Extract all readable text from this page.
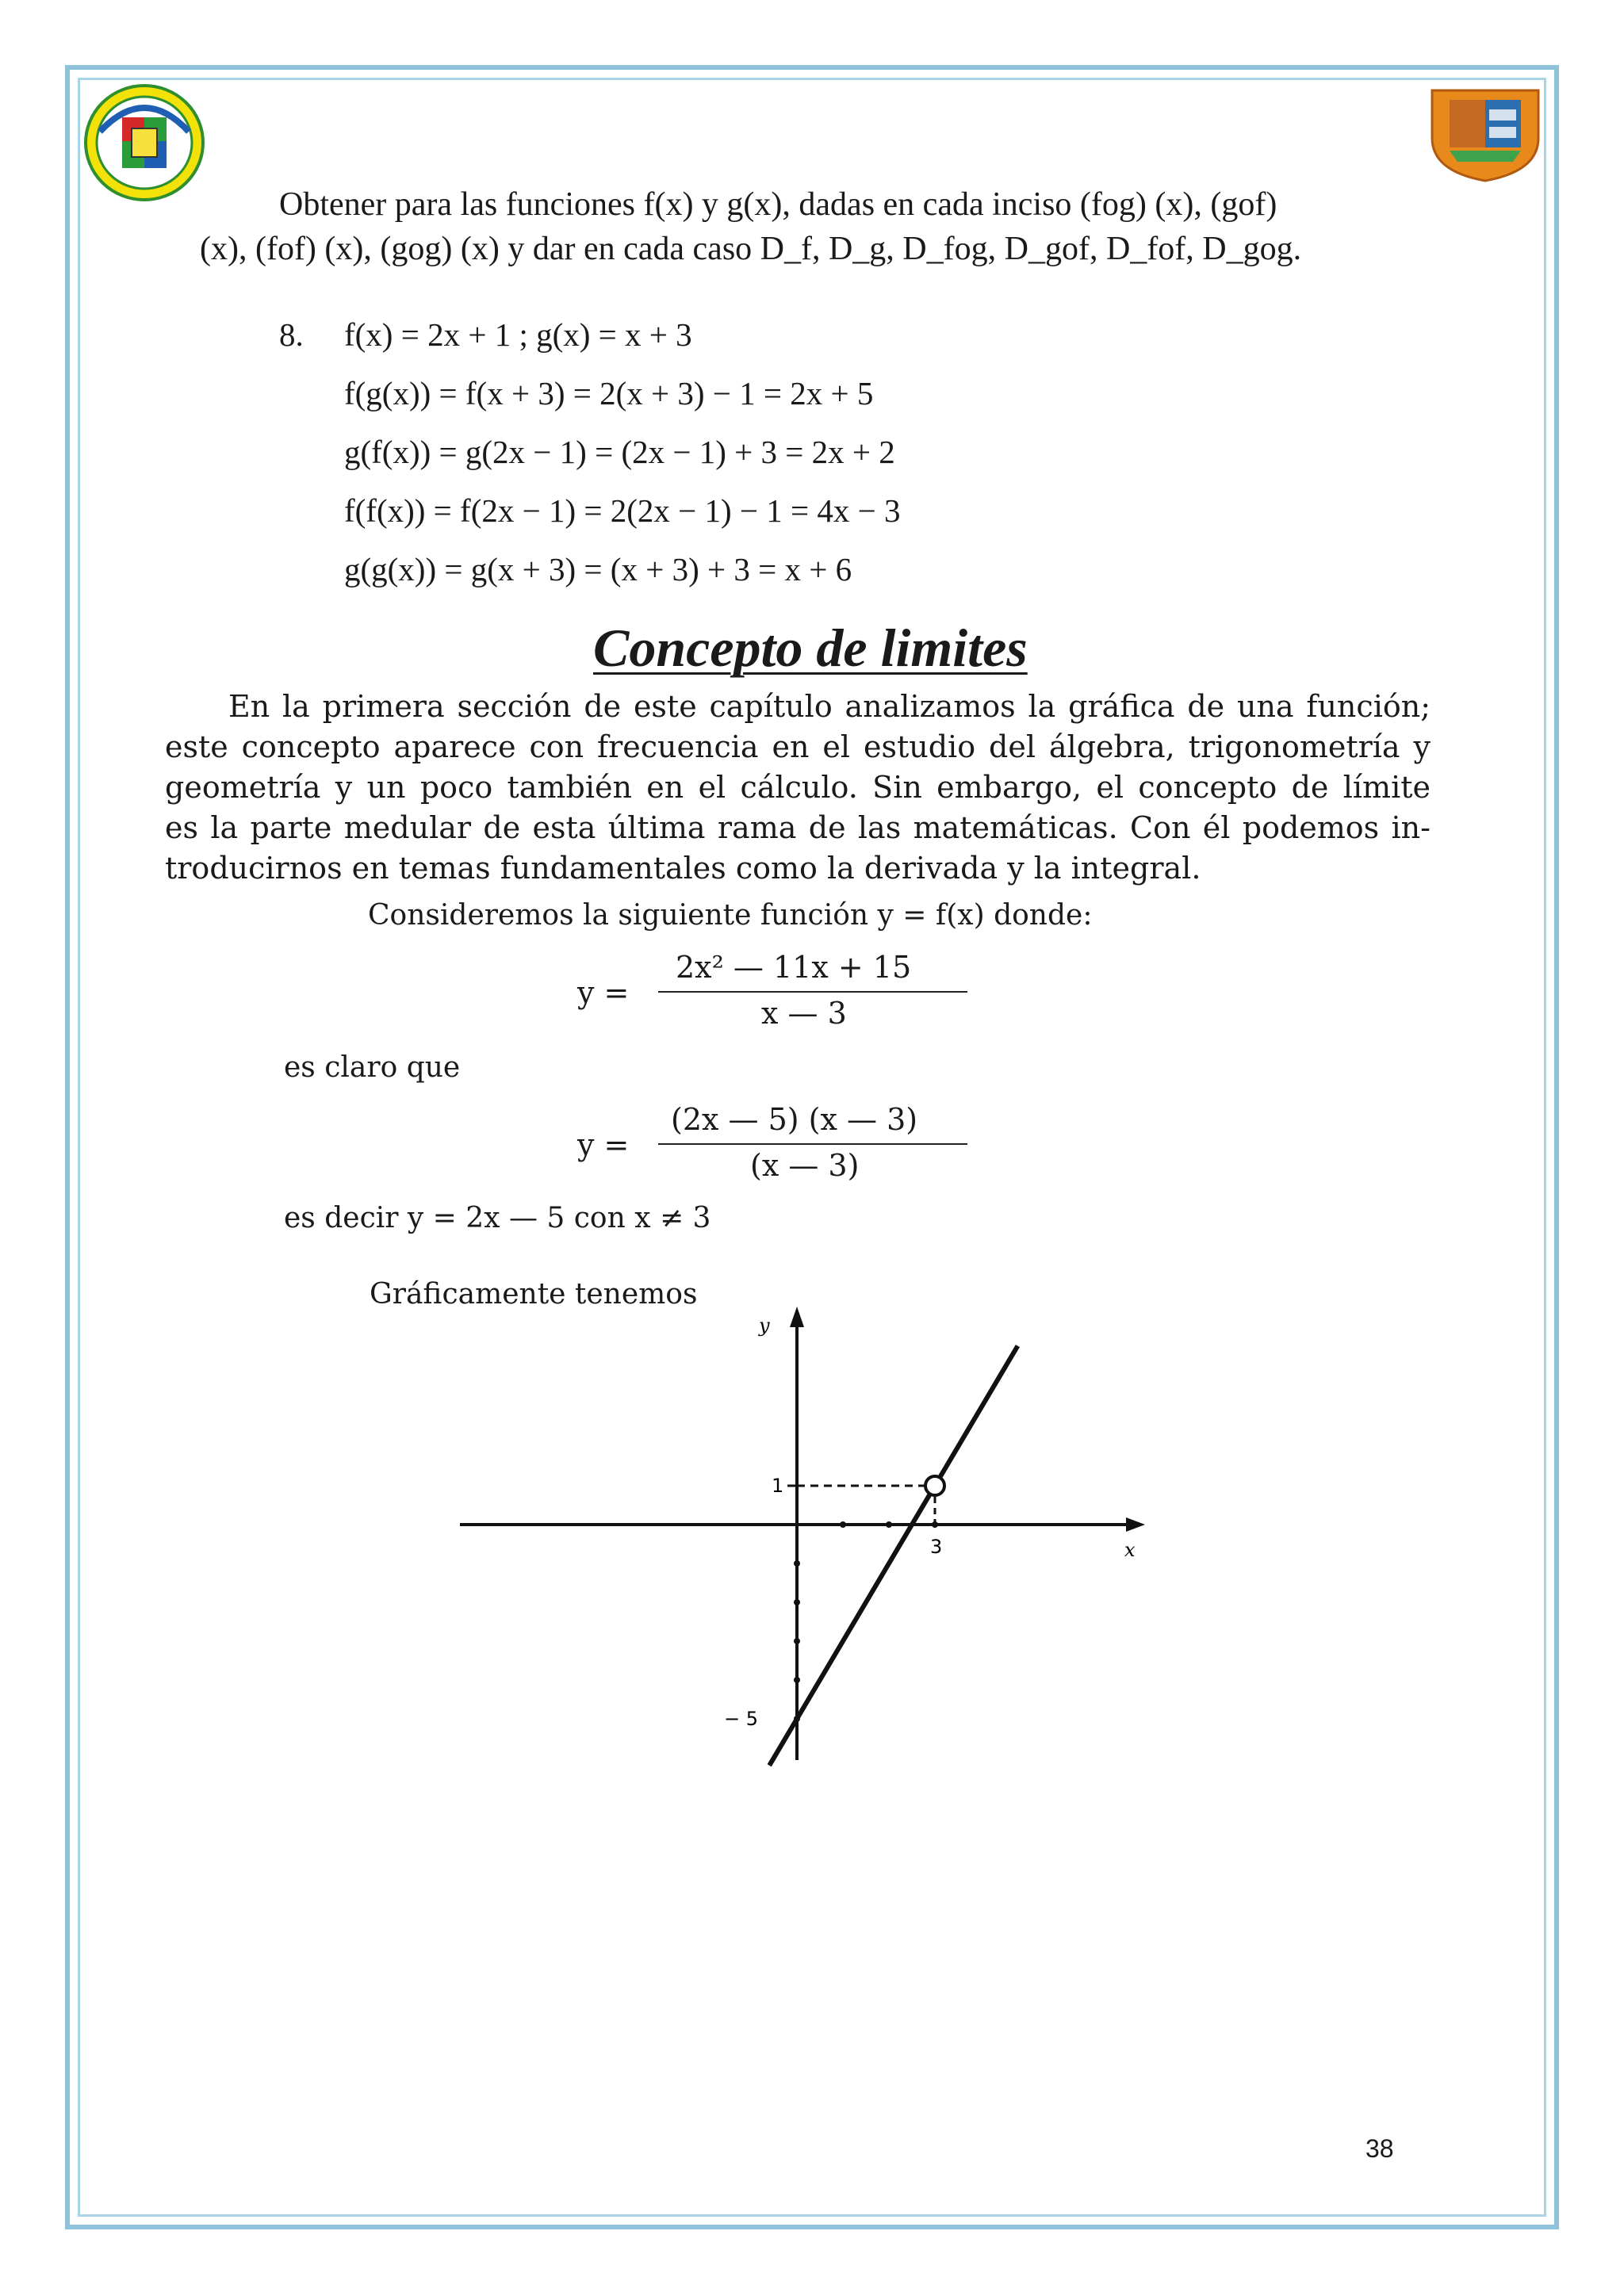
Obtener para las funciones f(x) y g(x), dadas en cada inciso (fog) (x), (gof)
(x), (fof) (x), (gog) (x) y dar en cada caso D_f, D_g, D_fog, D_gof, D_fof, D_gog.
8. f(x) = 2x + 1 ; g(x) = x + 3
f(g(x)) = f(x + 3) = 2(x + 3) − 1 = 2x + 5
g(f(x)) = g(2x − 1) = (2x − 1) + 3 = 2x + 2
f(f(x)) = f(2x − 1) = 2(2x − 1) − 1 = 4x − 3
g(g(x)) = g(x + 3) = (x + 3) + 3 = x + 6
Concepto de limites
En la primera sección de este capítulo analizamos la gráfica de una función;
este concepto aparece con frecuencia en el estudio del álgebra, trigonometría y
geometría y un poco también en el cálculo. Sin embargo, el concepto de límite
es la parte medular de esta última rama de las matemáticas. Con él podemos in-
troducirnos en temas fundamentales como la derivada y la integral.
Consideremos la siguiente función y = f(x) donde:
y =
2x² — 11x + 15
x — 3
es claro que
y =
(2x — 5) (x — 3)
(x — 3)
es decir y = 2x — 5 con x ≠ 3
Gráficamente tenemos
x
y
3
1
− 5
38
